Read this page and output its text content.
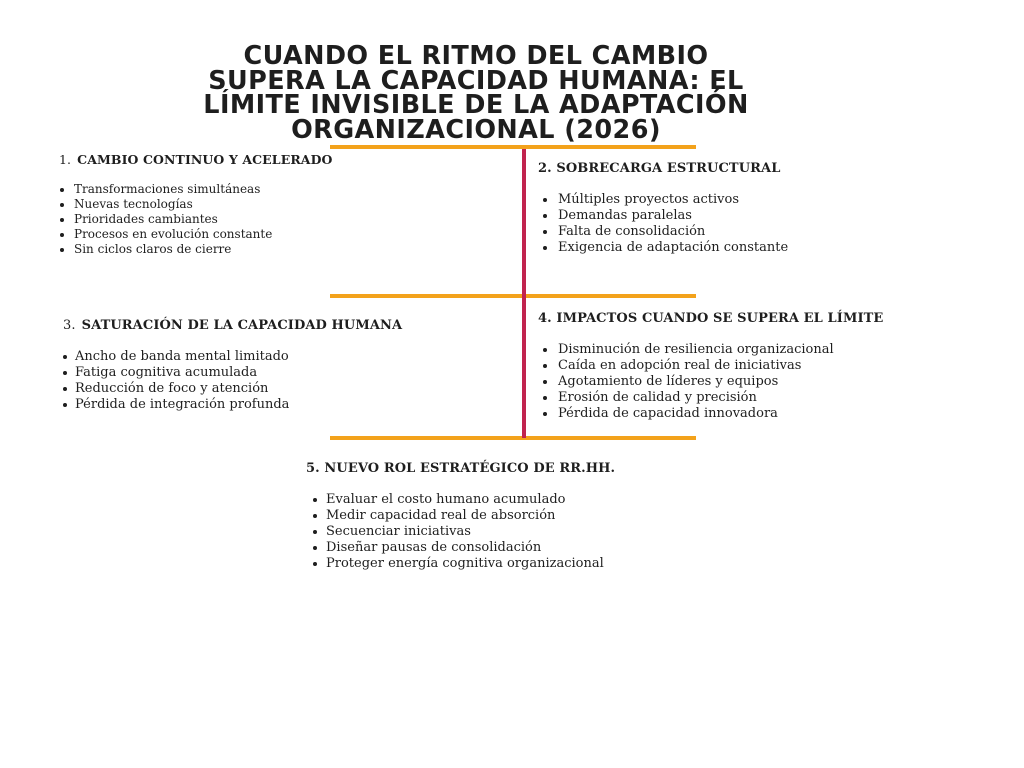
CUANDO EL RITMO DEL CAMBIO
SUPERA LA CAPACIDAD HUMANA: EL
LÍMITE INVISIBLE DE LA ADAPTACIÓN
ORGANIZACIONAL (2026)
1. CAMBIO CONTINUO Y ACELERADO
Transformaciones simultáneas
Nuevas tecnologías
Prioridades cambiantes
Procesos en evolución constante
Sin ciclos claros de cierre
2. SOBRECARGA ESTRUCTURAL
Múltiples proyectos activos
Demandas paralelas
Falta de consolidación
Exigencia de adaptación constante
3. SATURACIÓN DE LA CAPACIDAD HUMANA
Ancho de banda mental limitado
Fatiga cognitiva acumulada
Reducción de foco y atención
Pérdida de integración profunda
4. IMPACTOS CUANDO SE SUPERA EL LÍMITE
Disminución de resiliencia organizacional
Caída en adopción real de iniciativas
Agotamiento de líderes y equipos
Erosión de calidad y precisión
Pérdida de capacidad innovadora
5. NUEVO ROL ESTRATÉGICO DE RR.HH.
Evaluar el costo humano acumulado
Medir capacidad real de absorción
Secuenciar iniciativas
Diseñar pausas de consolidación
Proteger energía cognitiva organizacional
